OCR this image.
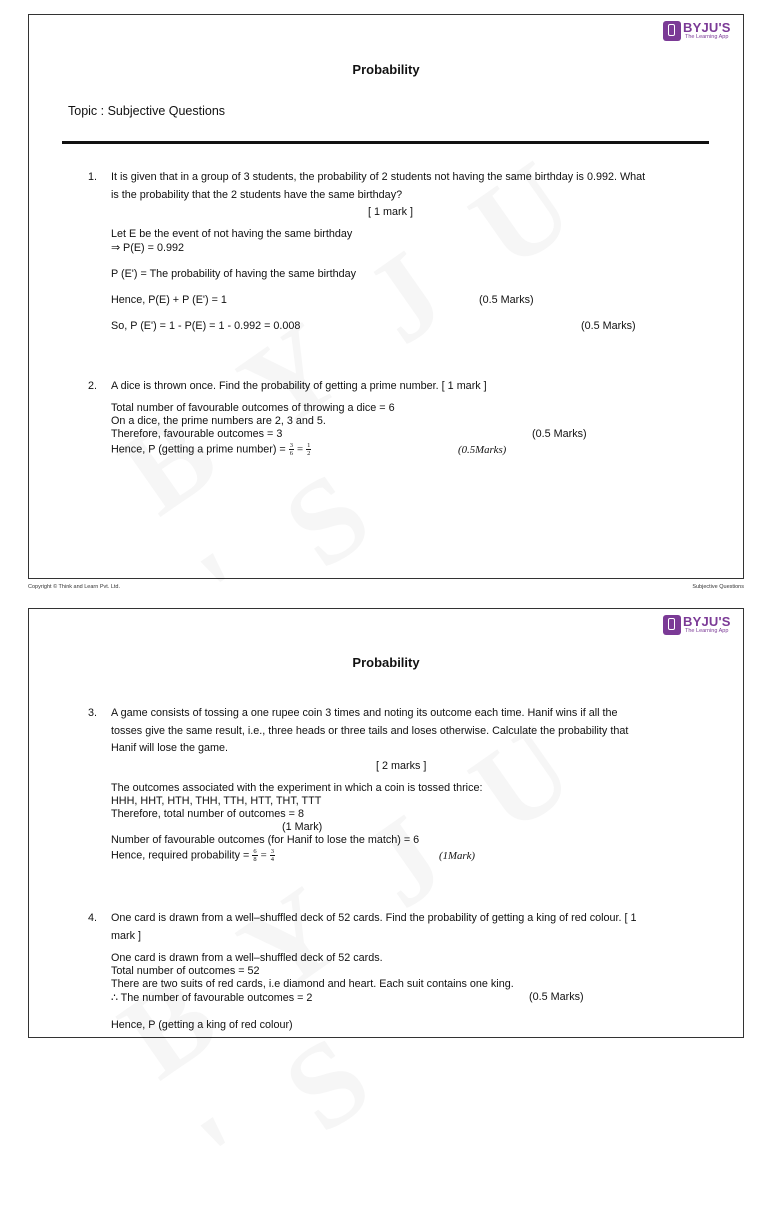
BYJU'S
The Learning App
Probability
Topic : Subjective Questions
1. It is given that in a group of 3 students, the probability of 2 students not having the same birthday is 0.992. What
is the probability that the 2 students have the same birthday?
[ 1 mark ]
Let E be the event of not having the same birthday
⇒ P(E) = 0.992
P (E') = The probability of having the same birthday
Hence, P(E) + P (E') = 1	(0.5 Marks)
So, P (E') = 1 - P(E) = 1 - 0.992 = 0.008	(0.5 Marks)
2. A dice is thrown once. Find the probability of getting a prime number. [ 1 mark ]
Total number of favourable outcomes of throwing a dice = 6
On a dice, the prime numbers are 2, 3 and 5.
Therefore, favourable outcomes = 3	(0.5 Marks)
Hence, P (getting a prime number) = $\frac{3}{6} = \frac{1}{2}$	(0.5Marks)
Copyright © Think and Learn Pvt. Ltd.	Subjective Questions
BYJU'S
The Learning App
Probability
3. A game consists of tossing a one rupee coin 3 times and noting its outcome each time. Hanif wins if all the
tosses give the same result, i.e., three heads or three tails and loses otherwise. Calculate the probability that
Hanif will lose the game.
[ 2 marks ]
The outcomes associated with the experiment in which a coin is tossed thrice:
HHH, HHT, HTH, THH, TTH, HTT, THT, TTT
Therefore, total number of outcomes = 8
(1 Mark)
Number of favourable outcomes (for Hanif to lose the match) = 6
Hence, required probability = $\frac{6}{8} = \frac{3}{4}$	(1Mark)
4. One card is drawn from a well–shuffled deck of 52 cards. Find the probability of getting a king of red colour. [ 1
mark ]
One card is drawn from a well–shuffled deck of 52 cards.
Total number of outcomes = 52
There are two suits of red cards, i.e diamond and heart. Each suit contains one king.
∴ The number of favourable outcomes = 2	(0.5 Marks)
Hence, P (getting a king of red colour)
